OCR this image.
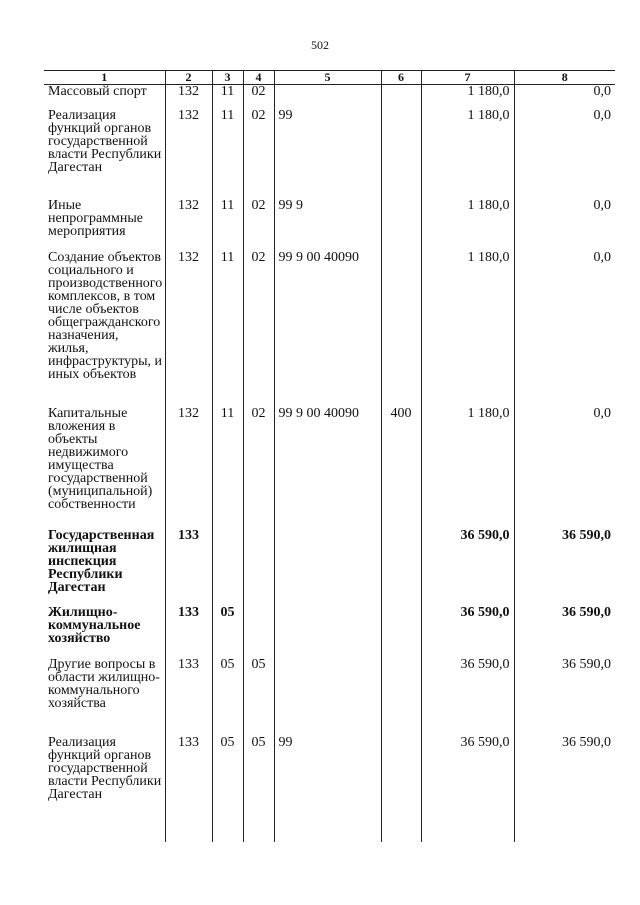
502
1	2	3	4	5	6	7	8

Массовый спорт	132	11	02			1 180,0	0,0

Реализация функций органов государственной власти Республики Дагестан	132	11	02	99		1 180,0	0,0

Иные непрограммные мероприятия	132	11	02	99 9		1 180,0	0,0

Создание объектов социального и производственного комплексов, в том числе объектов общегражданского назначения, жилья, инфраструктуры, и иных объектов	132	11	02	99 9 00 40090		1 180,0	0,0

Капитальные вложения в объекты недвижимого имущества государственной (муниципальной) собственности	132	11	02	99 9 00 40090	400	1 180,0	0,0

Государственная жилищная инспекция Республики Дагестан	133					36 590,0	36 590,0

Жилищно-коммунальное хозяйство	133	05				36 590,0	36 590,0

Другие вопросы в области жилищно-коммунального хозяйства	133	05	05			36 590,0	36 590,0

Реализация функций органов государственной власти Республики Дагестан	133	05	05	99		36 590,0	36 590,0
